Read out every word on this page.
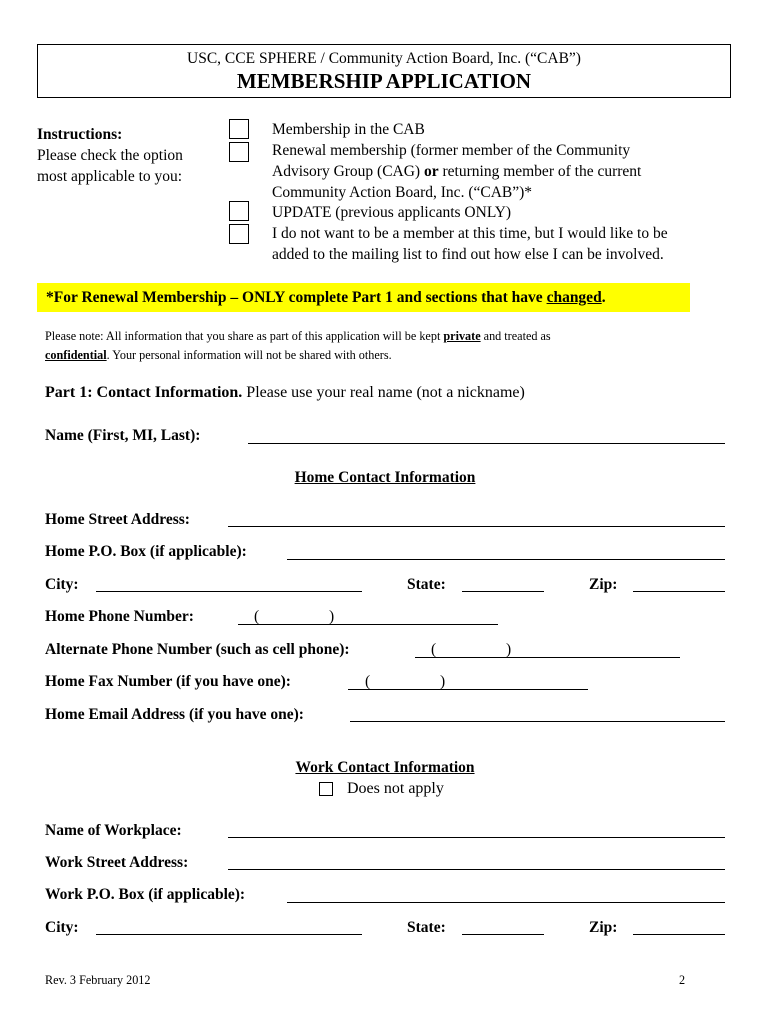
USC, CCE SPHERE / Community Action Board, Inc. (“CAB”)
MEMBERSHIP APPLICATION
Instructions:
Please check the option
most applicable to you:
Membership in the CAB
Renewal membership (former member of the Community
Advisory Group (CAG) or returning member of the current
Community Action Board, Inc. (“CAB”)*
UPDATE (previous applicants ONLY)
I do not want to be a member at this time, but I would like to be
added to the mailing list to find out how else I can be involved.
*For Renewal Membership – ONLY complete Part 1 and sections that have changed.
Please note: All information that you share as part of this application will be kept private and treated as
confidential. Your personal information will not be shared with others.
Part 1: Contact Information. Please use your real name (not a nickname)
Name (First, MI, Last):
Home Contact Information
Home Street Address:
Home P.O. Box (if applicable):
City:	State:	Zip:
Home Phone Number:	(	)
Alternate Phone Number (such as cell phone):	(	)
Home Fax Number (if you have one):	(	)
Home Email Address (if you have one):
Work Contact Information
Does not apply
Name of Workplace:
Work Street Address:
Work P.O. Box (if applicable):
City:	State:	Zip:
Rev. 3 February 2012	2
